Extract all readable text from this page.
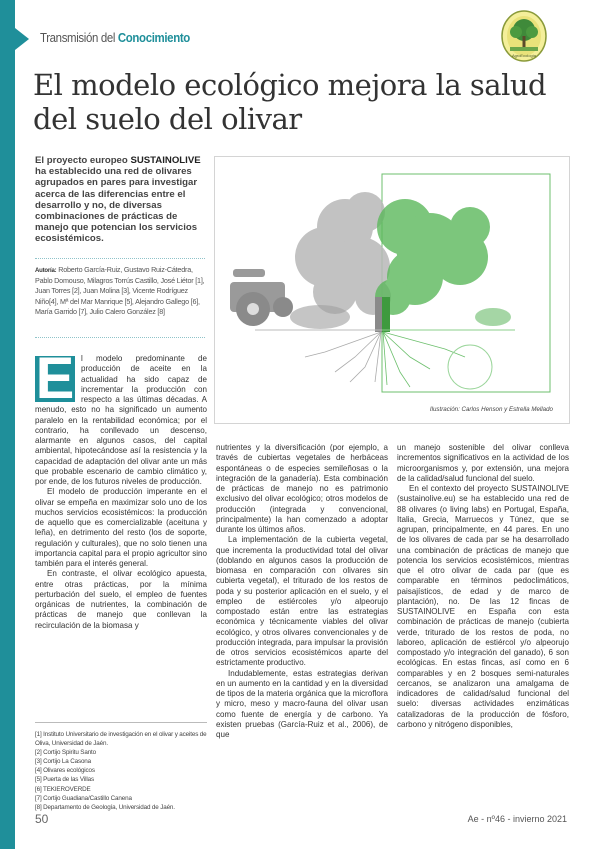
Transmisión del Conocimiento
AgroEcología
El modelo ecológico mejora la salud del suelo del olivar
El proyecto europeo SUSTAINOLIVE ha establecido una red de olivares agrupados en pares para investigar acerca de las diferencias entre el desarrollo y no, de diversas combinaciones de prácticas de manejo que potencian los servicios ecosistémicos.
Autoría: Roberto García-Ruiz, Gustavo Ruiz-Cátedra, Pablo Domouso, Milagros Torrús Castillo, José Liétor [1], Juan Torres [2], Juan Molina [3], Vicente Rodríguez Niño[4], Mª del Mar Manrique [5], Alejandro Gallego [6], María Garrido [7], Julio Calero González [8]
E l modelo predominante de producción de aceite en la actualidad ha sido capaz de incrementar la producción con respecto a las últimas décadas. A menudo, esto no ha significado un aumento paralelo en la rentabilidad económica; por el contrario, ha conllevado un descenso, alarmante en algunos casos, del capital ambiental, hipotecándose así la resistencia y la capacidad de adaptación del olivar ante un más que probable escenario de cambio climático y, por ende, de los futuros niveles de producción.

El modelo de producción imperante en el olivar se empeña en maximizar solo uno de los muchos servicios ecosistémicos: la producción de aquello que es comercializable (aceituna y leña), en detrimento del resto (los de soporte, regulación y culturales), que no solo tienen una importancia capital para el propio agricultor sino también para el interés general.

En contraste, el olivar ecológico apuesta, entre otras prácticas, por la mínima perturbación del suelo, el empleo de fuentes orgánicas de nutrientes, la combinación de prácticas de manejo que conllevan la recirculación de la biomasa y

[1] Instituto Universitario de investigación en el olivar y aceites de Oliva, Universidad de Jaén.
[2] Cortijo Spiritu Santo
[3] Cortijo La Casona
[4] Olivares ecológicos
[5] Puerta de las Villas
[6] TEKIEROVERDE
[7] Cortijo Guadiana/Castillo Canena
[8] Departamento de Geología, Universidad de Jaén.
Ilustración: Carlos Henson y Estrella Mellado

nutrientes y la diversificación (por ejemplo, a través de cubiertas vegetales de herbáceas espontáneas o de especies semileñosas o la integración de la ganadería). Esta combinación de prácticas de manejo no es patrimonio exclusivo del olivar ecológico; otros modelos de producción (integrada y convencional, principalmente) la han comenzado a adoptar durante los últimos años.

La implementación de la cubierta vegetal, que incrementa la productividad total del olivar (doblando en algunos casos la producción de biomasa en comparación con olivares sin cubierta vegetal), el triturado de los restos de poda y su posterior aplicación en el suelo, y el empleo de estiércoles y/o alpeorujo compostado están entre las estrategias económica y técnicamente viables del olivar ecológico, y otros olivares convencionales y de producción integrada, para impulsar la provisión de otros servicios ecosistémicos aparte del estrictamente productivo.

Indudablemente, estas estrategias derivan en un aumento en la cantidad y en la diversidad de tipos de la materia orgánica que la microflora y micro, meso y macro-fauna del olivar usan como fuente de energía y de carbono. Ya existen pruebas (García-Ruiz et al., 2006), de que

un manejo sostenible del olivar conlleva incrementos significativos en la actividad de los microorganismos y, por extensión, una mejora de la calidad/salud funcional del suelo.

En el contexto del proyecto SUSTAINOLIVE (sustainolive.eu) se ha establecido una red de 88 olivares (o living labs) en Portugal, España, Italia, Grecia, Marruecos y Túnez, que se agrupan, principalmente, en 44 pares. En uno de los olivares de cada par se ha desarrollado una combinación de prácticas de manejo que potencia los servicios ecosistémicos, mientras que el otro olivar de cada par (que es comparable en términos pedoclimáticos, paisajísticos, de edad y de marco de plantación), no. De las 12 fincas de SUSTAINOLIVE en España con esta combinación de prácticas de manejo (cubierta verde, triturado de los restos de poda, no laboreo, aplicación de estiércol y/o alpeorujo compostado y/o integración del ganado), 6 son ecológicas. En estas fincas, así como en 6 comparables y en 2 bosques semi-naturales cercanos, se analizaron una amalgama de indicadores de calidad/salud funcional del suelo: diversas actividades enzimáticas catalizadoras de la producción de fósforo, carbono y nitrógeno disponibles,

50	Ae - nº46 - invierno 2021
